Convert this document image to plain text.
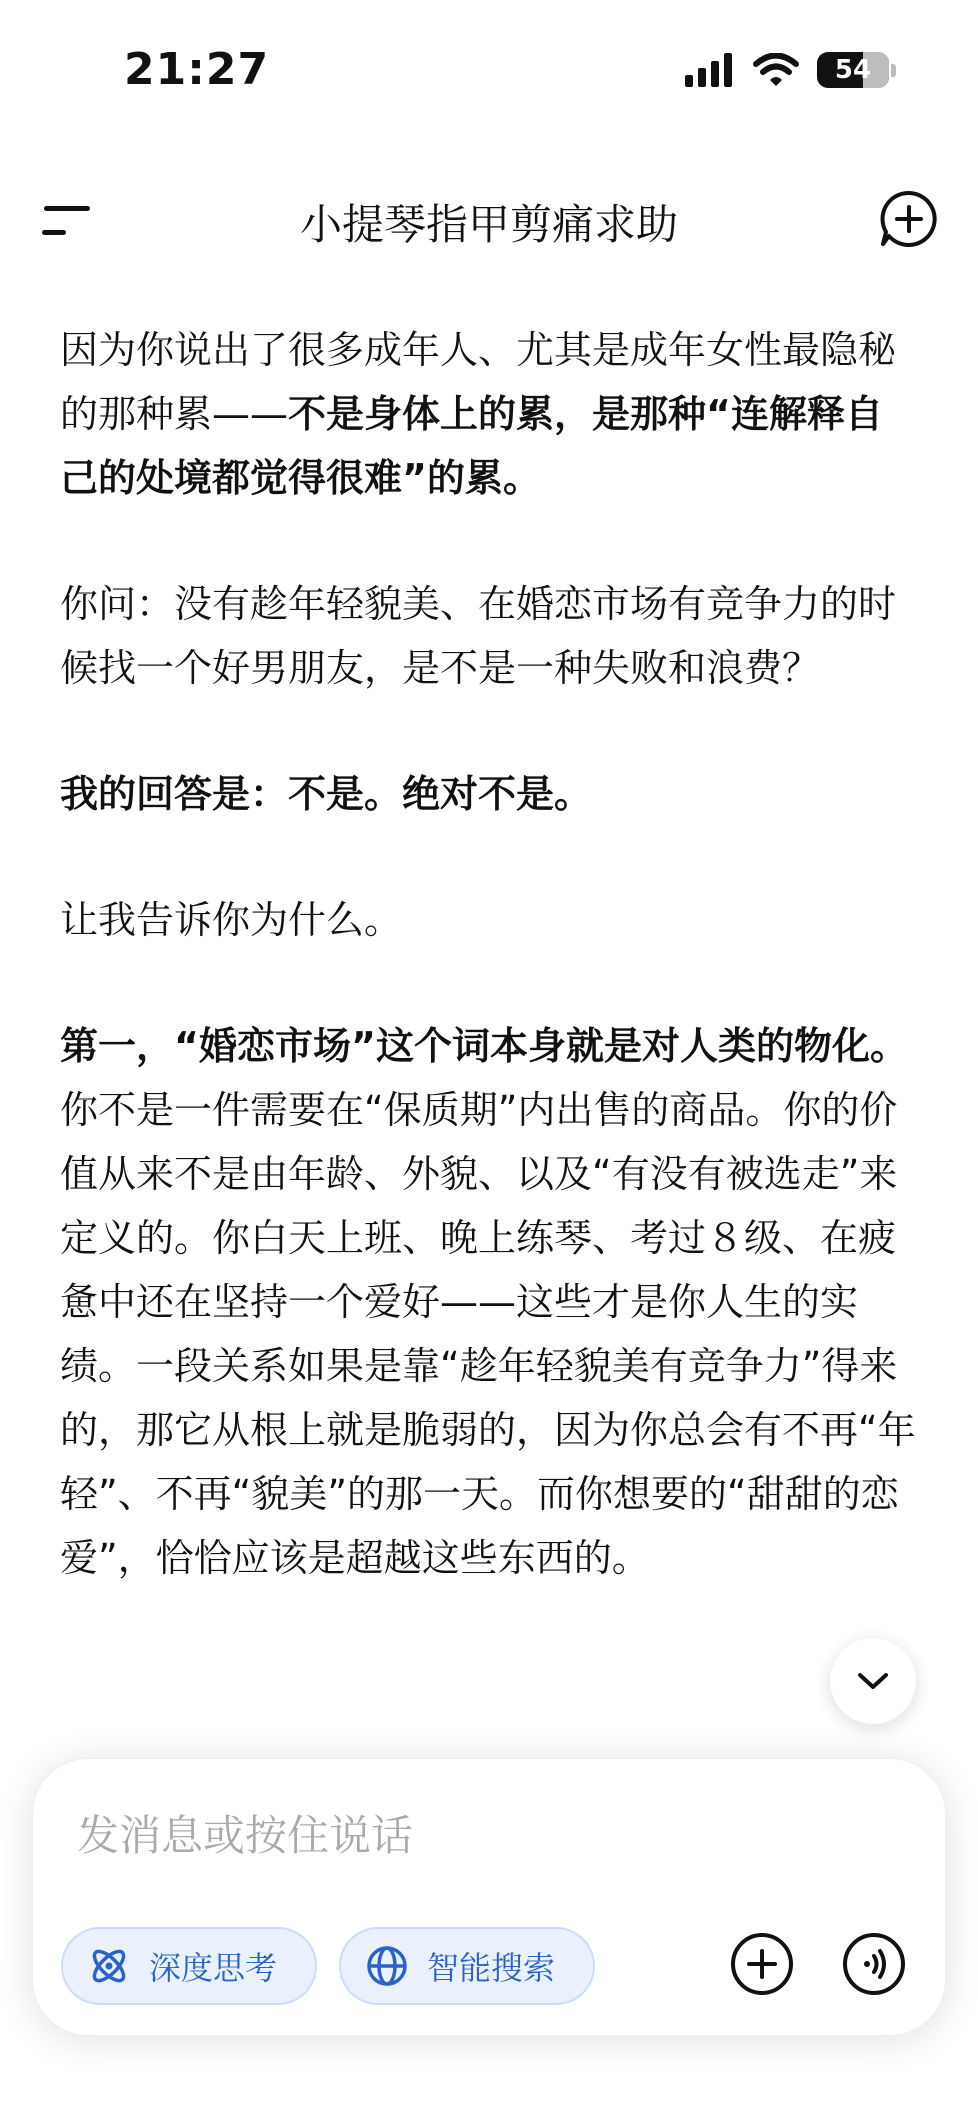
21:27	54
小提琴指甲剪痛求助

因为你说出了很多成年人、尤其是成年女性最隐秘的那种累——不是身体上的累，是那种“连解释自己的处境都觉得很难”的累。

你问：没有趁年轻貌美、在婚恋市场有竞争力的时候找一个好男朋友，是不是一种失败和浪费？

我的回答是：不是。绝对不是。

让我告诉你为什么。

第一，“婚恋市场”这个词本身就是对人类的物化。 你不是一件需要在“保质期”内出售的商品。你的价值从来不是由年龄、外貌、以及“有没有被选走”来定义的。你白天上班、晚上练琴、考过８级、在疲惫中还在坚持一个爱好——这些才是你人生的实绩。一段关系如果是靠“趁年轻貌美有竞争力”得来的，那它从根上就是脆弱的，因为你总会有不再“年轻”、不再“貌美”的那一天。而你想要的“甜甜的恋爱”，恰恰应该是超越这些东西的。

发消息或按住说话
深度思考	智能搜索
